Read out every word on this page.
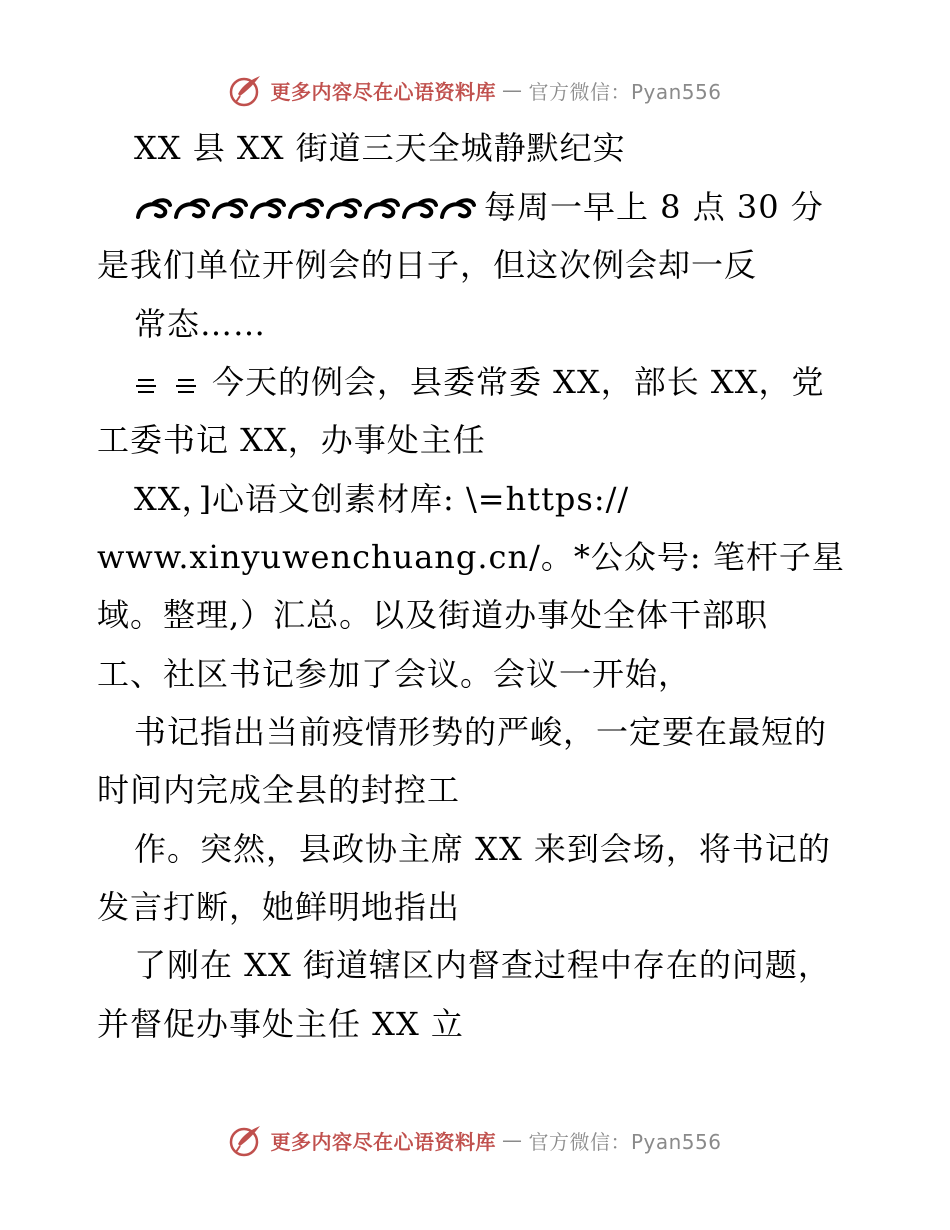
更多内容尽在心语资料库 — 官方微信：Pyan556
XX 县 XX 街道三天全城静默纪实
每周一早上 8 点 30 分
是我们单位开例会的日子，但这次例会却一反
常态……
今天的例会，县委常委 XX，部长 XX，党
工委书记 XX，办事处主任
XX，]心语文创素材库: \=https://
www.xinyuwenchuang.cn/。*公众号: 笔杆子星
域。整理,）汇总。以及街道办事处全体干部职
工、社区书记参加了会议。会议一开始，
书记指出当前疫情形势的严峻，一定要在最短的
时间内完成全县的封控工
作。突然，县政协主席 XX 来到会场，将书记的
发言打断，她鲜明地指出
了刚在 XX 街道辖区内督查过程中存在的问题，
并督促办事处主任 XX 立
更多内容尽在心语资料库 — 官方微信：Pyan556
